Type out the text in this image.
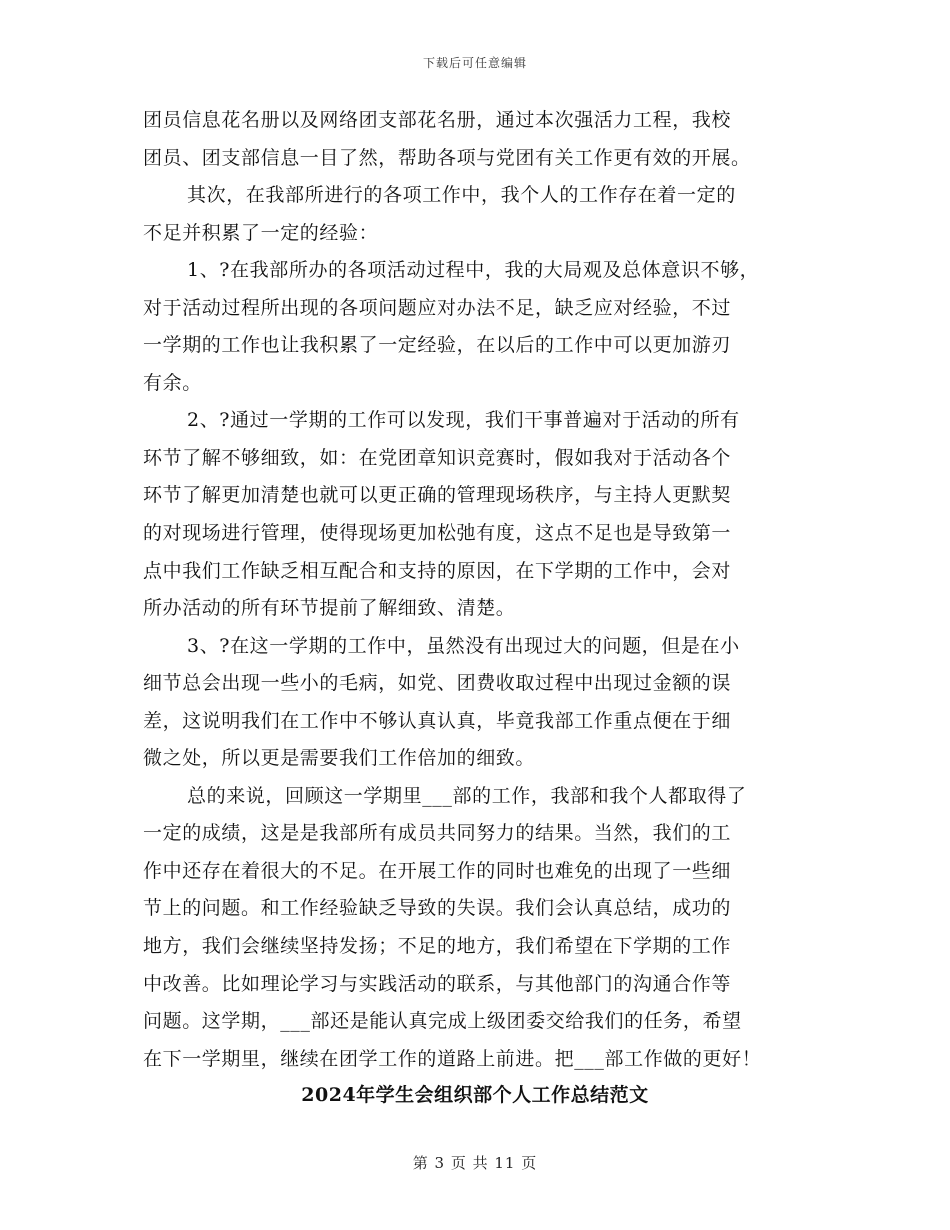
下载后可任意编辑
团员信息花名册以及网络团支部花名册，通过本次强活力工程，我校
团员、团支部信息一目了然，帮助各项与党团有关工作更有效的开展。
其次，在我部所进行的各项工作中，我个人的工作存在着一定的
不足并积累了一定的经验：
1、?在我部所办的各项活动过程中，我的大局观及总体意识不够，
对于活动过程所出现的各项问题应对办法不足，缺乏应对经验，不过
一学期的工作也让我积累了一定经验，在以后的工作中可以更加游刃
有余。
2、?通过一学期的工作可以发现，我们干事普遍对于活动的所有
环节了解不够细致，如：在党团章知识竞赛时，假如我对于活动各个
环节了解更加清楚也就可以更正确的管理现场秩序，与主持人更默契
的对现场进行管理，使得现场更加松弛有度，这点不足也是导致第一
点中我们工作缺乏相互配合和支持的原因，在下学期的工作中，会对
所办活动的所有环节提前了解细致、清楚。
3、?在这一学期的工作中，虽然没有出现过大的问题，但是在小
细节总会出现一些小的毛病，如党、团费收取过程中出现过金额的误
差，这说明我们在工作中不够认真认真，毕竟我部工作重点便在于细
微之处，所以更是需要我们工作倍加的细致。
总的来说，回顾这一学期里___部的工作，我部和我个人都取得了
一定的成绩，这是是我部所有成员共同努力的结果。当然，我们的工
作中还存在着很大的不足。在开展工作的同时也难免的出现了一些细
节上的问题。和工作经验缺乏导致的失误。我们会认真总结，成功的
地方，我们会继续坚持发扬；不足的地方，我们希望在下学期的工作
中改善。比如理论学习与实践活动的联系，与其他部门的沟通合作等
问题。这学期，___部还是能认真完成上级团委交给我们的任务，希望
在下一学期里，继续在团学工作的道路上前进。把___部工作做的更好！
2024年学生会组织部个人工作总结范文
第 3 页 共 11 页
